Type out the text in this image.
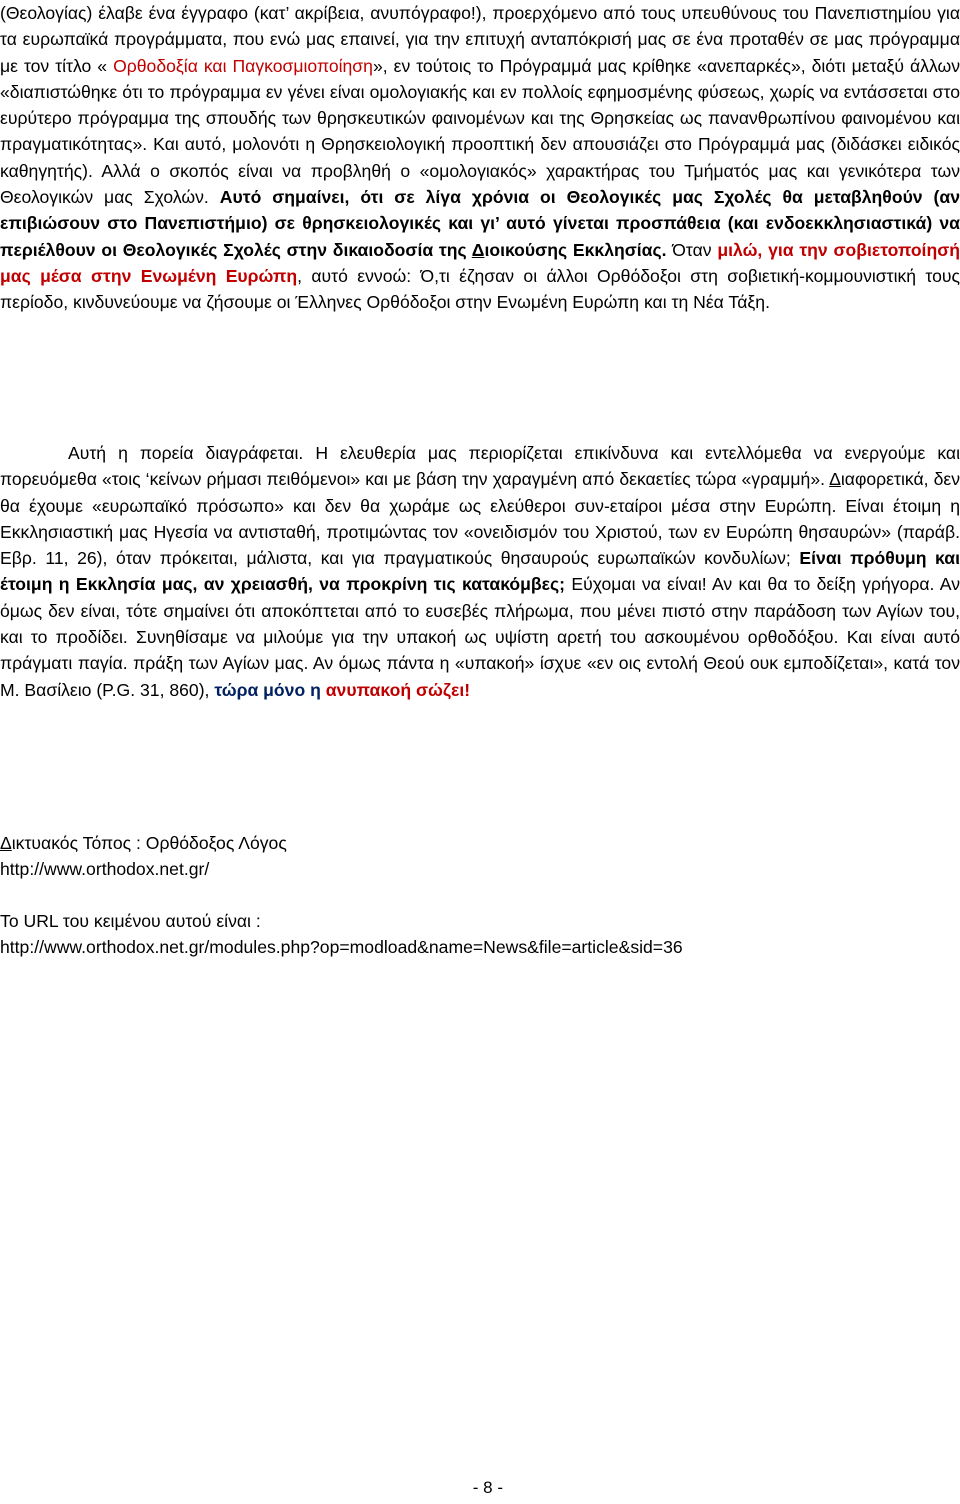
(Θεολογίας) έλαβε ένα έγγραφο (κατ’ ακρίβεια, ανυπόγραφο!), προερχόμενο από τους υπευθύνους του Πανεπιστημίου για τα ευρωπαϊκά προγράμματα, που ενώ μας επαινεί, για την επιτυχή ανταπόκρισή μας σε ένα προταθέν σε μας πρόγραμμα με τον τίτλο « Ορθοδοξία και Παγκοσμιοποίηση», εν τούτοις το Πρόγραμμά μας κρίθηκε «ανεπαρκές», διότι μεταξύ άλλων «διαπιστώθηκε ότι το πρόγραμμα εν γένει είναι ομολογιακής και εν πολλοίς εφημοσμένης φύσεως, χωρίς να εντάσσεται στο ευρύτερο πρόγραμμα της σπουδής των θρησκευτικών φαινομένων και της Θρησκείας ως πανανθρωπίνου φαινομένου και πραγματικότητας». Και αυτό, μολονότι η Θρησκειολογική προοπτική δεν απουσιάζει στο Πρόγραμμά μας (διδάσκει ειδικός καθηγητής). Αλλά ο σκοπός είναι να προβληθή ο «ομολογιακός» χαρακτήρας του Τμήματός μας και γενικότερα των Θεολογικών μας Σχολών. Αυτό σημαίνει, ότι σε λίγα χρόνια οι Θεολογικές μας Σχολές θα μεταβληθούν (αν επιβιώσουν στο Πανεπιστήμιο) σε θρησκειολογικές και γι’ αυτό γίνεται προσπάθεια (και ενδοεκκλησιαστικά) να περιέλθουν οι Θεολογικές Σχολές στην δικαιοδοσία της Διοικούσης Εκκλησίας. Όταν μιλώ, για την σοβιετοποίησή μας μέσα στην Ενωμένη Ευρώπη, αυτό εννοώ: Ό,τι έζησαν οι άλλοι Ορθόδοξοι στη σοβιετική-κομμουνιστική τους περίοδο, κινδυνεύουμε να ζήσουμε οι Έλληνες Ορθόδοξοι στην Ενωμένη Ευρώπη και τη Νέα Τάξη.
Αυτή η πορεία διαγράφεται. Η ελευθερία μας περιορίζεται επικίνδυνα και εντελλόμεθα να ενεργούμε και πορευόμεθα «τοις ‘κείνων ρήμασι πειθόμενοι» και με βάση την χαραγμένη από δεκαετίες τώρα «γραμμή». Διαφορετικά, δεν θα έχουμε «ευρωπαϊκό πρόσωπο» και δεν θα χωράμε ως ελεύθεροι συν-εταίροι μέσα στην Ευρώπη. Είναι έτοιμη η Εκκλησιαστική μας Ηγεσία να αντισταθή, προτιμώντας τον «ονειδισμόν του Χριστού, των εν Ευρώπη θησαυρών» (παράβ. Εβρ. 11, 26), όταν πρόκειται, μάλιστα, και για πραγματικούς θησαυρούς ευρωπαϊκών κονδυλίων; Είναι πρόθυμη και έτοιμη η Εκκλησία μας, αν χρειασθή, να προκρίνη τις κατακόμβες; Εύχομαι να είναι! Αν και θα το δείξη γρήγορα. Αν όμως δεν είναι, τότε σημαίνει ότι αποκόπτεται από το ευσεβές πλήρωμα, που μένει πιστό στην παράδοση των Αγίων του, και το προδίδει. Συνηθίσαμε να μιλούμε για την υπακοή ως υψίστη αρετή του ασκουμένου ορθοδόξου. Και είναι αυτό πράγματι παγία. πράξη των Αγίων μας. Αν όμως πάντα η «υπακοή» ίσχυε «εν οις εντολή Θεού ουκ εμποδίζεται», κατά τον Μ. Βασίλειο (P.G. 31, 860), τώρα μόνο η ανυπακοή σώζει!
Δικτυακός Τόπος : Ορθόδοξος Λόγος
http://www.orthodox.net.gr/
Το URL του κειμένου αυτού είναι :
http://www.orthodox.net.gr/modules.php?op=modload&name=News&file=article&sid=36
- 8 -
